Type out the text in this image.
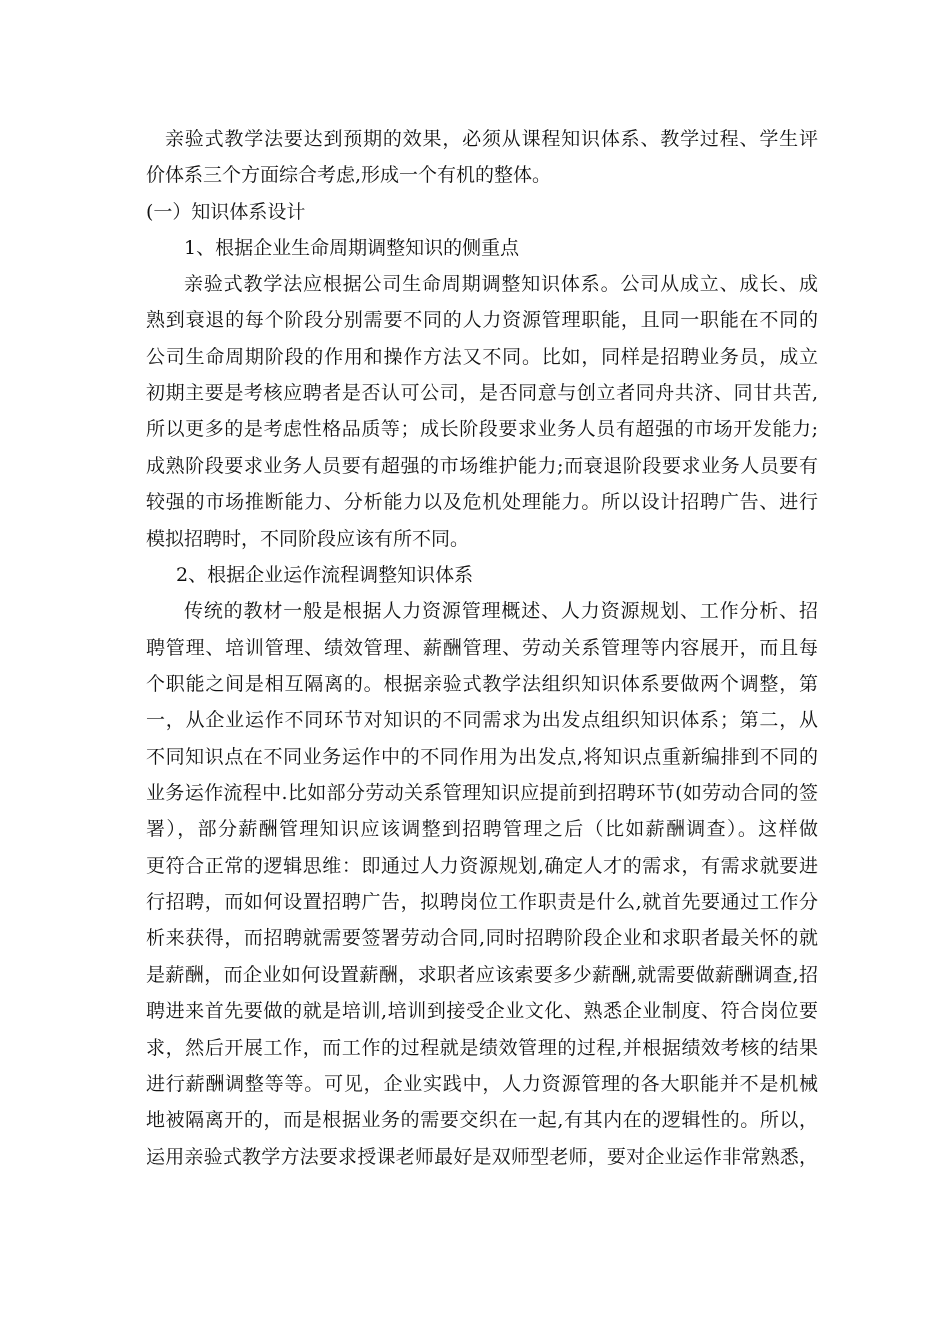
亲验式教学法要达到预期的效果，必须从课程知识体系、教学过程、学生评

价体系三个方面综合考虑,形成一个有机的整体。

(一）知识体系设计

1、根据企业生命周期调整知识的侧重点

亲验式教学法应根据公司生命周期调整知识体系。公司从成立、成长、成

熟到衰退的每个阶段分别需要不同的人力资源管理职能，且同一职能在不同的

公司生命周期阶段的作用和操作方法又不同。比如，同样是招聘业务员，成立

初期主要是考核应聘者是否认可公司，是否同意与创立者同舟共济、同甘共苦,

所以更多的是考虑性格品质等；成长阶段要求业务人员有超强的市场开发能力;

成熟阶段要求业务人员要有超强的市场维护能力;而衰退阶段要求业务人员要有

较强的市场推断能力、分析能力以及危机处理能力。所以设计招聘广告、进行

模拟招聘时，不同阶段应该有所不同。

2、根据企业运作流程调整知识体系

传统的教材一般是根据人力资源管理概述、人力资源规划、工作分析、招

聘管理、培训管理、绩效管理、薪酬管理、劳动关系管理等内容展开，而且每

个职能之间是相互隔离的。根据亲验式教学法组织知识体系要做两个调整，第

一，从企业运作不同环节对知识的不同需求为出发点组织知识体系；第二，从

不同知识点在不同业务运作中的不同作用为出发点,将知识点重新编排到不同的

业务运作流程中.比如部分劳动关系管理知识应提前到招聘环节(如劳动合同的签

署），部分薪酬管理知识应该调整到招聘管理之后（比如薪酬调查）。这样做

更符合正常的逻辑思维：即通过人力资源规划,确定人才的需求，有需求就要进

行招聘，而如何设置招聘广告，拟聘岗位工作职责是什么,就首先要通过工作分

析来获得，而招聘就需要签署劳动合同,同时招聘阶段企业和求职者最关怀的就

是薪酬，而企业如何设置薪酬，求职者应该索要多少薪酬,就需要做薪酬调查,招

聘进来首先要做的就是培训,培训到接受企业文化、熟悉企业制度、符合岗位要

求，然后开展工作，而工作的过程就是绩效管理的过程,并根据绩效考核的结果

进行薪酬调整等等。可见，企业实践中，人力资源管理的各大职能并不是机械

地被隔离开的，而是根据业务的需要交织在一起,有其内在的逻辑性的。所以，

运用亲验式教学方法要求授课老师最好是双师型老师，要对企业运作非常熟悉，
